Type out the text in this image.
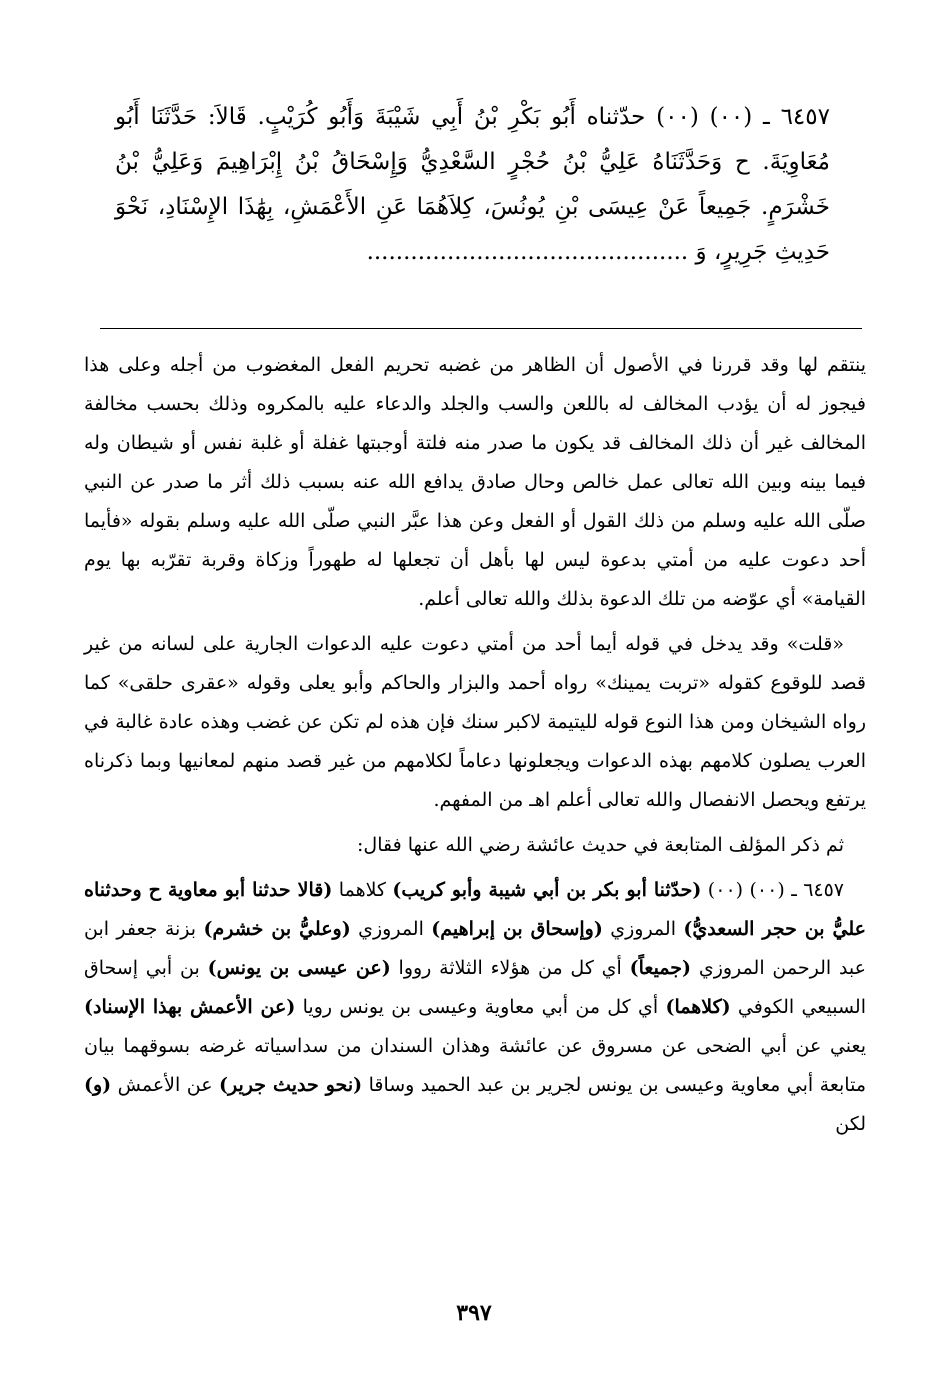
٦٤٥٧ ـ (٠٠) (٠٠) حدّثناه أَبُو بَكْرِ بْنُ أَبِي شَيْبَةَ وَأَبُو كُرَيْبٍ. قَالاَ: حَدَّثَنَا أَبُو مُعَاوِيَةَ. ح وَحَدَّثَنَاهُ عَلِيُّ بْنُ حُجْرٍ السَّعْدِيُّ وَإِسْحَاقُ بْنُ إِبْرَاهِيمَ وَعَلِيُّ بْنُ خَشْرَمٍ. جَمِيعاً عَنْ عِيسَى بْنِ يُونُسَ، كِلاَهُمَا عَنِ الأَعْمَشِ، بِهَٰذَا الإِسْنَادِ، نَحْوَ حَدِيثِ جَرِيرٍ، وَ ............................................

ينتقم لها وقد قررنا في الأصول أن الظاهر من غضبه تحريم الفعل المغضوب من أجله وعلى هذا فيجوز له أن يؤدب المخالف له باللعن والسب والجلد والدعاء عليه بالمكروه وذلك بحسب مخالفة المخالف غير أن ذلك المخالف قد يكون ما صدر منه فلتة أوجبتها غفلة أو غلبة نفس أو شيطان وله فيما بينه وبين الله تعالى عمل خالص وحال صادق يدافع الله عنه بسبب ذلك أثر ما صدر عن النبي صلّى الله عليه وسلم من ذلك القول أو الفعل وعن هذا عبَّر النبي صلّى الله عليه وسلم بقوله «فأيما أحد دعوت عليه من أمتي بدعوة ليس لها بأهل أن تجعلها له طهوراً وزكاة وقربة تقرّبه بها يوم القيامة» أي عوّضه من تلك الدعوة بذلك والله تعالى أعلم.

«قلت» وقد يدخل في قوله أيما أحد من أمتي دعوت عليه الدعوات الجارية على لسانه من غير قصد للوقوع كقوله «تربت يمينك» رواه أحمد والبزار والحاكم وأبو يعلى وقوله «عقرى حلقى» كما رواه الشيخان ومن هذا النوع قوله لليتيمة لاكبر سنك فإن هذه لم تكن عن غضب وهذه عادة غالبة في العرب يصلون كلامهم بهذه الدعوات ويجعلونها دعاماً لكلامهم من غير قصد منهم لمعانيها وبما ذكرناه يرتفع ويحصل الانفصال والله تعالى أعلم اهـ من المفهم.

ثم ذكر المؤلف المتابعة في حديث عائشة رضي الله عنها فقال:

٦٤٥٧ ـ (٠٠) (٠٠) (حدّثنا أبو بكر بن أبي شيبة وأبو كريب) كلاهما (قالا حدثنا أبو معاوية ح وحدثناه عليُّ بن حجر السعديُّ) المروزي (وإسحاق بن إبراهيم) المروزي (وعليُّ بن خشرم) بزنة جعفر ابن عبد الرحمن المروزي (جميعاً) أي كل من هؤلاء الثلاثة رووا (عن عيسى بن يونس) بن أبي إسحاق السبيعي الكوفي (كلاهما) أي كل من أبي معاوية وعيسى بن يونس رويا (عن الأعمش بهذا الإسناد) يعني عن أبي الضحى عن مسروق عن عائشة وهذان السندان من سداسياته غرضه بسوقهما بيان متابعة أبي معاوية وعيسى بن يونس لجرير بن عبد الحميد وساقا (نحو حديث جرير) عن الأعمش (و) لكن

٣٩٧
